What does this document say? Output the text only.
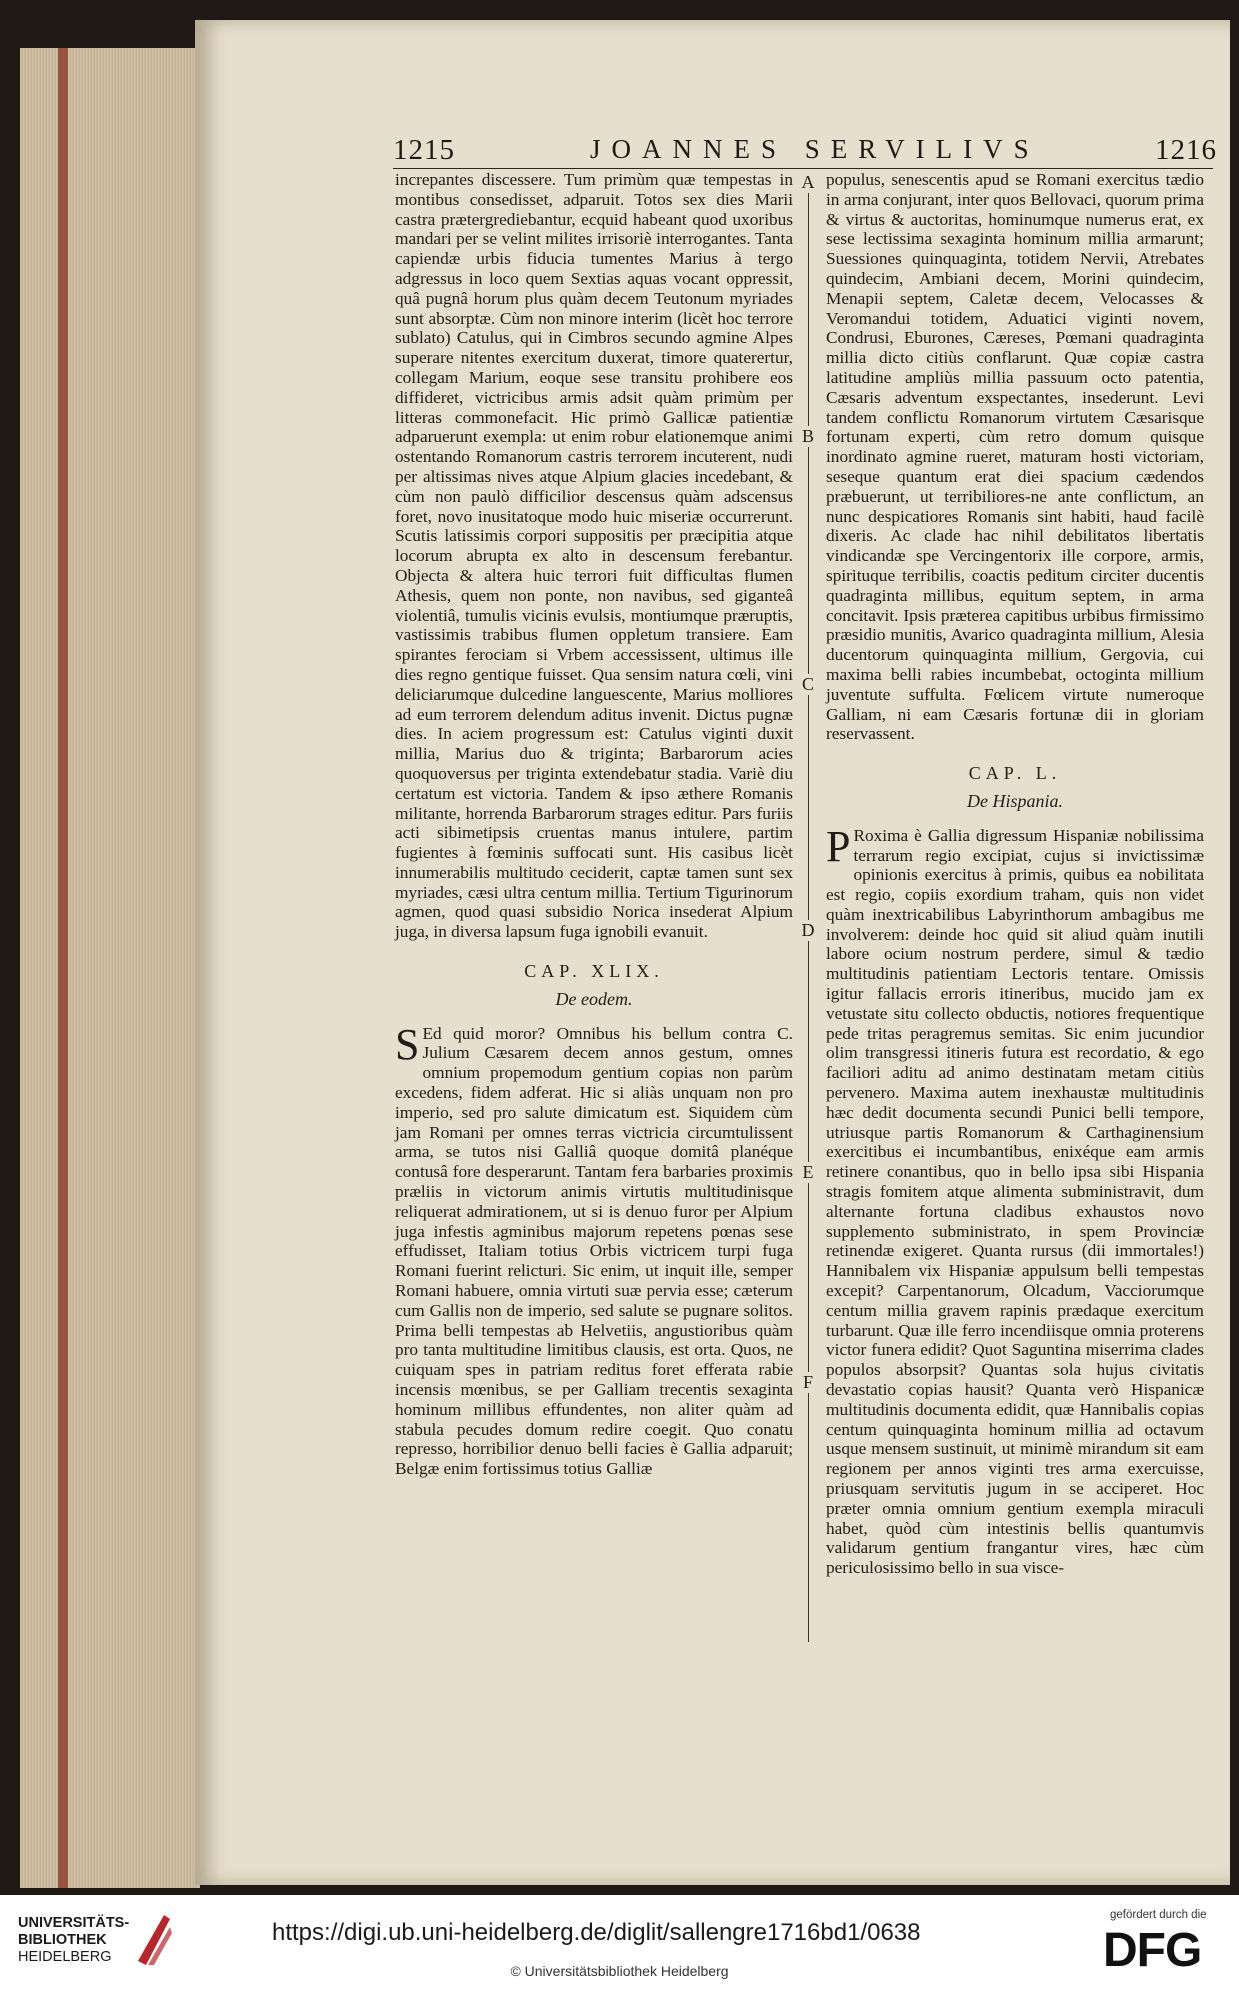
1215	JOANNES SERVILIVS	1216
A
B
C
D
E
F

increpantes discessere. Tum primùm quæ tempestas in montibus consedisset, adparuit. Totos sex dies Marii castra prætergrediebantur, ecquid habeant quod uxoribus mandari per se velint milites irrisoriè interrogantes. Tanta capiendæ urbis fiducia tumentes Marius à tergo adgressus in loco quem Sextias aquas vocant oppressit, quâ pugnâ horum plus quàm decem Teutonum myriades sunt absorptæ. Cùm non minore interim (licèt hoc terrore sublato) Catulus, qui in Cimbros secundo agmine Alpes superare nitentes exercitum duxerat, timore quaterertur, collegam Marium, eoque sese transitu prohibere eos diffideret, victricibus armis adsit quàm primùm per litteras commonefacit. Hic primò Gallicæ patientiæ adparuerunt exempla: ut enim robur elationemque animi ostentando Romanorum castris terrorem incuterent, nudi per altissimas nives atque Alpium glacies incedebant, & cùm non paulò difficilior descensus quàm adscensus foret, novo inusitatoque modo huic miseriæ occurrerunt. Scutis latissimis corpori suppositis per præcipitia atque locorum abrupta ex alto in descensum ferebantur. Objecta & altera huic terrori fuit difficultas flumen Athesis, quem non ponte, non navibus, sed giganteâ violentiâ, tumulis vicinis evulsis, montiumque præruptis, vastissimis trabibus flumen oppletum transiere. Eam spirantes ferociam si Vrbem accessissent, ultimus ille dies regno gentique fuisset. Qua sensim natura cœli, vini deliciarumque dulcedine languescente, Marius molliores ad eum terrorem delendum aditus invenit. Dictus pugnæ dies. In aciem progressum est: Catulus viginti duxit millia, Marius duo & triginta; Barbarorum acies quoquoversus per triginta extendebatur stadia. Variè diu certatum est victoria. Tandem & ipso æthere Romanis militante, horrenda Barbarorum strages editur. Pars furiis acti sibimetipsis cruentas manus intulere, partim fugientes à fœminis suffocati sunt. His casibus licèt innumerabilis multitudo ceciderit, captæ tamen sunt sex myriades, cæsi ultra centum millia. Tertium Tigurinorum agmen, quod quasi subsidio Norica insederat Alpium juga, in diversa lapsum fuga ignobili evanuit.

CAP. XLIX.
De eodem.

S Ed quid moror? Omnibus his bellum contra C. Julium Cæsarem decem annos gestum, omnes omnium propemodum gentium copias non parùm excedens, fidem adferat. Hic si aliàs unquam non pro imperio, sed pro salute dimicatum est. Siquidem cùm jam Romani per omnes terras victricia circumtulissent arma, se tutos nisi Galliâ quoque domitâ planéque contusâ fore desperarunt. Tantam fera barbaries proximis præliis in victorum animis virtutis multitudinisque reliquerat admirationem, ut si is denuo furor per Alpium juga infestis agminibus majorum repetens pœnas sese effudisset, Italiam totius Orbis victricem turpi fuga Romani fuerint relicturi. Sic enim, ut inquit ille, semper Romani habuere, omnia virtuti suæ pervia esse; cæterum cum Gallis non de imperio, sed salute se pugnare solitos. Prima belli tempestas ab Helvetiis, angustioribus quàm pro tanta multitudine limitibus clausis, est orta. Quos, ne cuiquam spes in patriam reditus foret efferata rabie incensis mœnibus, se per Galliam trecentis sexaginta hominum millibus effundentes, non aliter quàm ad stabula pecudes domum redire coegit. Quo conatu represso, horribilior denuo belli facies è Gallia adparuit; Belgæ enim fortissimus totius Galliæ

populus, senescentis apud se Romani exercitus tædio in arma conjurant, inter quos Bellovaci, quorum prima & virtus & auctoritas, hominumque numerus erat, ex sese lectissima sexaginta hominum millia armarunt; Suessiones quinquaginta, totidem Nervii, Atrebates quindecim, Ambiani decem, Morini quindecim, Menapii septem, Caletæ decem, Velocasses & Veromandui totidem, Aduatici viginti novem, Condrusi, Eburones, Cæreses, Pœmani quadraginta millia dicto citiùs conflarunt. Quæ copiæ castra latitudine ampliùs millia passuum octo patentia, Cæsaris adventum exspectantes, insederunt. Levi tandem conflictu Romanorum virtutem Cæsarisque fortunam experti, cùm retro domum quisque inordinato agmine rueret, maturam hosti victoriam, seseque quantum erat diei spacium cædendos præbuerunt, ut terribiliores-ne ante conflictum, an nunc despicatiores Romanis sint habiti, haud facilè dixeris. Ac clade hac nihil debilitatos libertatis vindicandæ spe Vercingentorix ille corpore, armis, spirituque terribilis, coactis peditum circiter ducentis quadraginta millibus, equitum septem, in arma concitavit. Ipsis præterea capitibus urbibus firmissimo præsidio munitis, Avarico quadraginta millium, Alesia ducentorum quinquaginta millium, Gergovia, cui maxima belli rabies incumbebat, octoginta millium juventute suffulta. Fœlicem virtute numeroque Galliam, ni eam Cæsaris fortunæ dii in gloriam reservassent.

CAP. L.
De Hispania.

P Roxima è Gallia digressum Hispaniæ nobilissima terrarum regio excipiat, cujus si invictissimæ opinionis exercitus à primis, quibus ea nobilitata est regio, copiis exordium traham, quis non videt quàm inextricabilibus Labyrinthorum ambagibus me involverem: deinde hoc quid sit aliud quàm inutili labore ocium nostrum perdere, simul & tædio multitudinis patientiam Lectoris tentare. Omissis igitur fallacis erroris itineribus, mucido jam ex vetustate situ collecto obductis, notiores frequentique pede tritas peragremus semitas. Sic enim jucundior olim transgressi itineris futura est recordatio, & ego faciliori aditu ad animo destinatam metam citiùs pervenero. Maxima autem inexhaustæ multitudinis hæc dedit documenta secundi Punici belli tempore, utriusque partis Romanorum & Carthaginensium exercitibus ei incumbantibus, enixéque eam armis retinere conantibus, quo in bello ipsa sibi Hispania stragis fomitem atque alimenta subministravit, dum alternante fortuna cladibus exhaustos novo supplemento subministrato, in spem Provinciæ retinendæ exigeret. Quanta rursus (dii immortales!) Hannibalem vix Hispaniæ appulsum belli tempestas excepit? Carpentanorum, Olcadum, Vacciorumque centum millia gravem rapinis prædaque exercitum turbarunt. Quæ ille ferro incendiisque omnia proterens victor funera edidit? Quot Saguntina miserrima clades populos absorpsit? Quantas sola hujus civitatis devastatio copias hausit? Quanta verò Hispanicæ multitudinis documenta edidit, quæ Hannibalis copias centum quinquaginta hominum millia ad octavum usque mensem sustinuit, ut minimè mirandum sit eam regionem per annos viginti tres arma exercuisse, priusquam servitutis jugum in se acciperet. Hoc præter omnia omnium gentium exempla miraculi habet, quòd cùm intestinis bellis quantumvis validarum gentium frangantur vires, hæc cùm periculosissimo bello in sua visce-

UNIVERSITÄTS-
BIBLIOTHEK
HEIDELBERG
https://digi.ub.uni-heidelberg.de/diglit/sallengre1716bd1/0638
© Universitätsbibliothek Heidelberg
gefördert durch die
DFG
